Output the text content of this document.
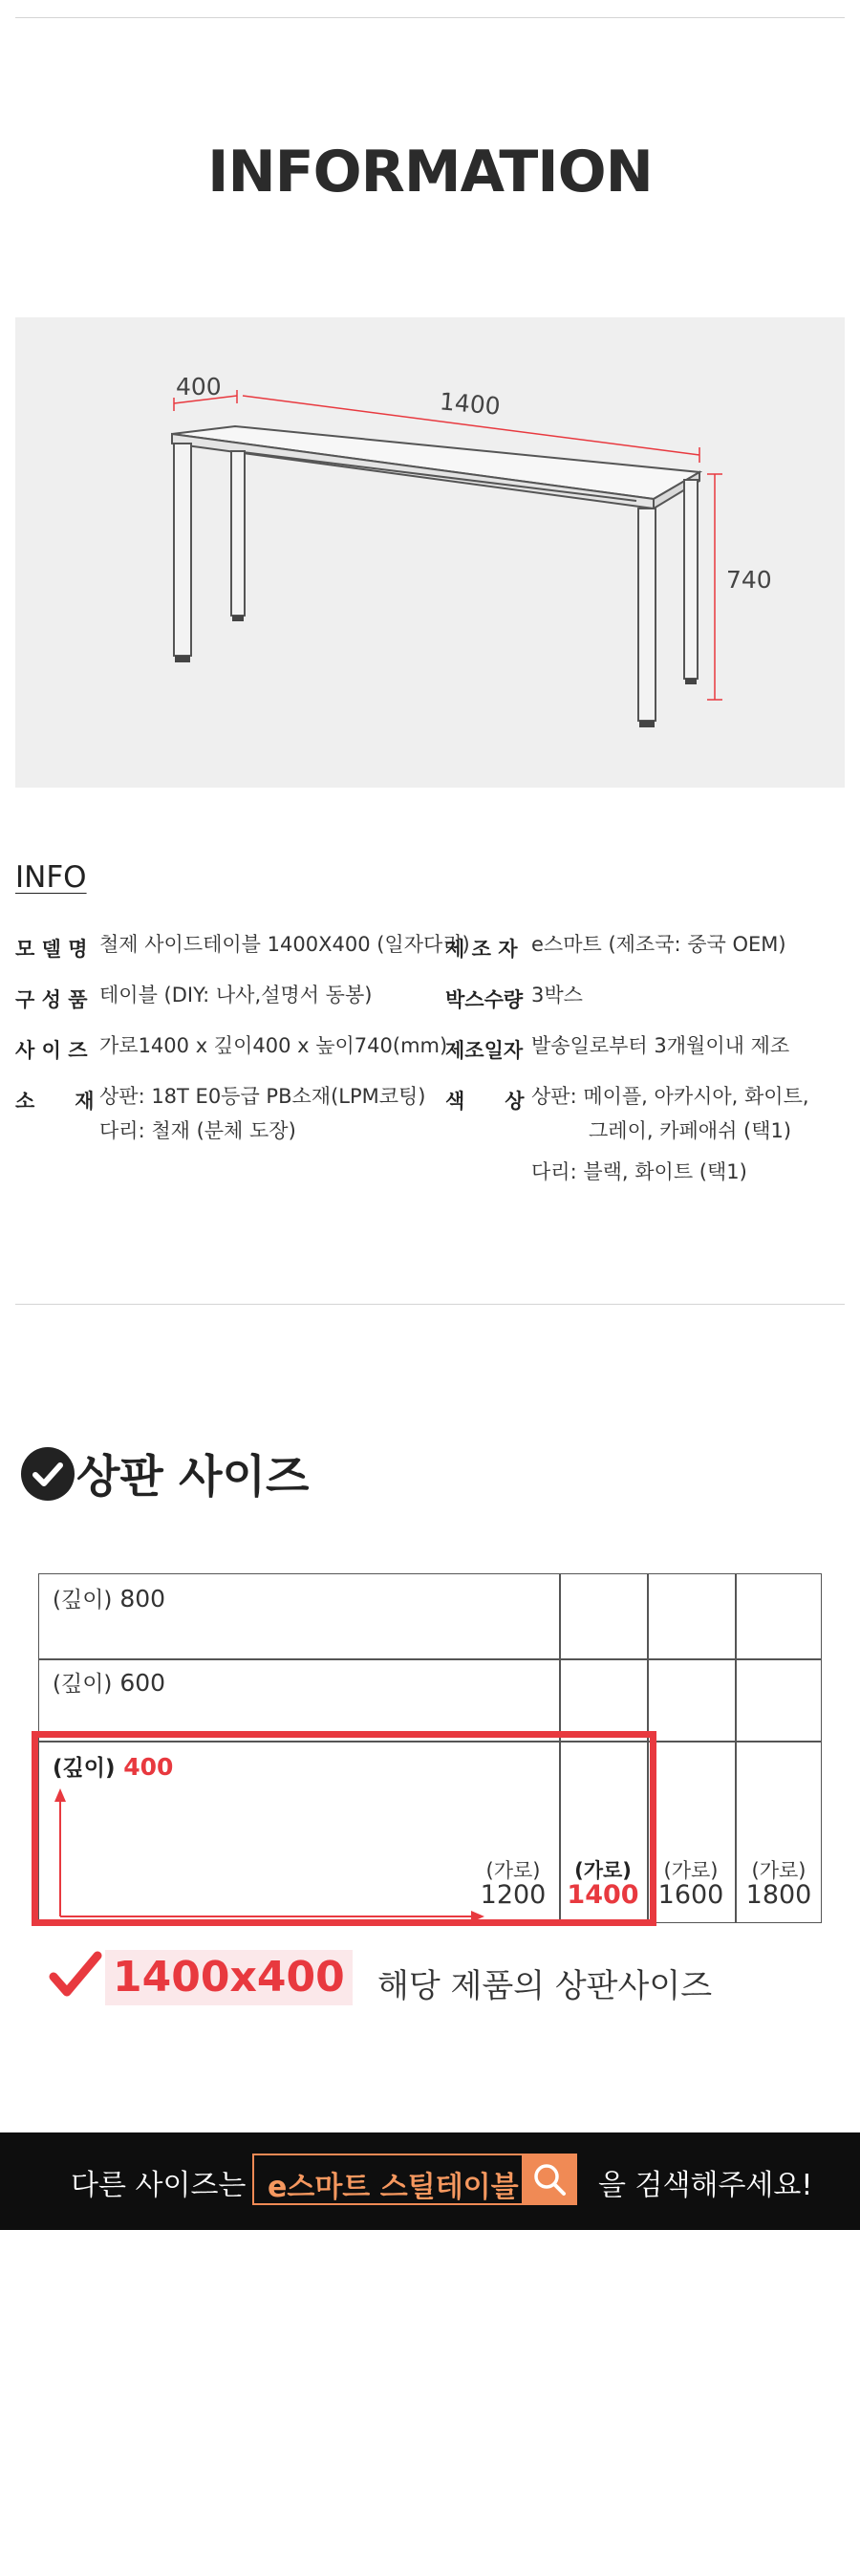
INFORMATION
400
1400
740
INFO
모 델 명 철제 사이드테이블 1400X400 (일자다리)
구 성 품 테이블 (DIY: 나사,설명서 동봉)
사 이 즈 가로1400 x 깊이400 x 높이740(mm)
소　　재 상판: 18T E0등급 PB소재(LPM코팅)
다리: 철재 (분체 도장)
제 조 자 e스마트 (제조국: 중국 OEM)
박스수량 3박스
제조일자 발송일로부터 3개월이내 제조
색　　상 상판: 메이플, 아카시아, 화이트,
그레이, 카페애쉬 (택1)
다리: 블랙, 화이트 (택1)
상판 사이즈
(깊이) 800
(깊이) 600
(깊이) 400
(가로)
1200
(가로)
1400
(가로)
1600
(가로)
1800
1400x400 해당 제품의 상판사이즈
다른 사이즈는 e스마트 스틸테이블	을 검색해주세요!
